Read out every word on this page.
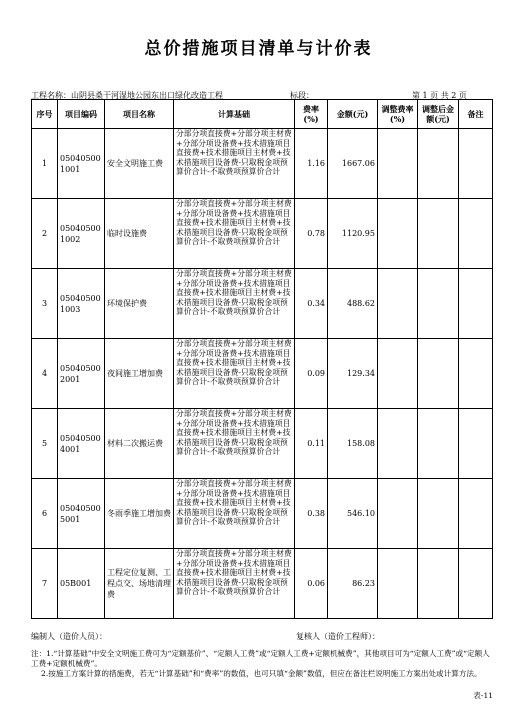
总价措施项目清单与计价表
工程名称：山阴县桑干河湿地公园东出口绿化改造工程	标段：	第 1 页 共 2 页
序号	项目编码	项目名称	计算基础	费率(%)	金额(元)	调整费率(%)	调整后金额(元)	备注
1	050405001001	安全文明施工费	分部分项直接费+分部分项主材费+分部分项设备费+技术措施项目直接费+技术措施项目主材费+技术措施项目设备费-只取税金项预算价合计-不取费项预算价合计	1.16	1667.06			
2	050405001002	临时设施费	分部分项直接费+分部分项主材费+分部分项设备费+技术措施项目直接费+技术措施项目主材费+技术措施项目设备费-只取税金项预算价合计-不取费项预算价合计	0.78	1120.95			
3	050405001003	环境保护费	分部分项直接费+分部分项主材费+分部分项设备费+技术措施项目直接费+技术措施项目主材费+技术措施项目设备费-只取税金项预算价合计-不取费项预算价合计	0.34	488.62			
4	050405002001	夜间施工增加费	分部分项直接费+分部分项主材费+分部分项设备费+技术措施项目直接费+技术措施项目主材费+技术措施项目设备费-只取税金项预算价合计-不取费项预算价合计	0.09	129.34			
5	050405004001	材料二次搬运费	分部分项直接费+分部分项主材费+分部分项设备费+技术措施项目直接费+技术措施项目主材费+技术措施项目设备费-只取税金项预算价合计-不取费项预算价合计	0.11	158.08			
6	050405005001	冬雨季施工增加费	分部分项直接费+分部分项主材费+分部分项设备费+技术措施项目直接费+技术措施项目主材费+技术措施项目设备费-只取税金项预算价合计-不取费项预算价合计	0.38	546.10			
7	05B001	工程定位复测、工程点交、场地清理费	分部分项直接费+分部分项主材费+分部分项设备费+技术措施项目直接费+技术措施项目主材费+技术措施项目设备费-只取税金项预算价合计-不取费项预算价合计	0.06	86.23			
编制人（造价人员）：	复核人（造价工程师）：
注：1.“计算基础”中安全文明施工费可为“定额基价”、“定额人工费”或“定额人工费+定额机械费”，其他项目可为“定额人工费”或“定额人工费+定额机械费”。
2.按施工方案计算的措施费，若无“计算基础”和“费率”的数值，也可只填“金额”数值，但应在备注栏说明施工方案出处或计算方法。
表-11
